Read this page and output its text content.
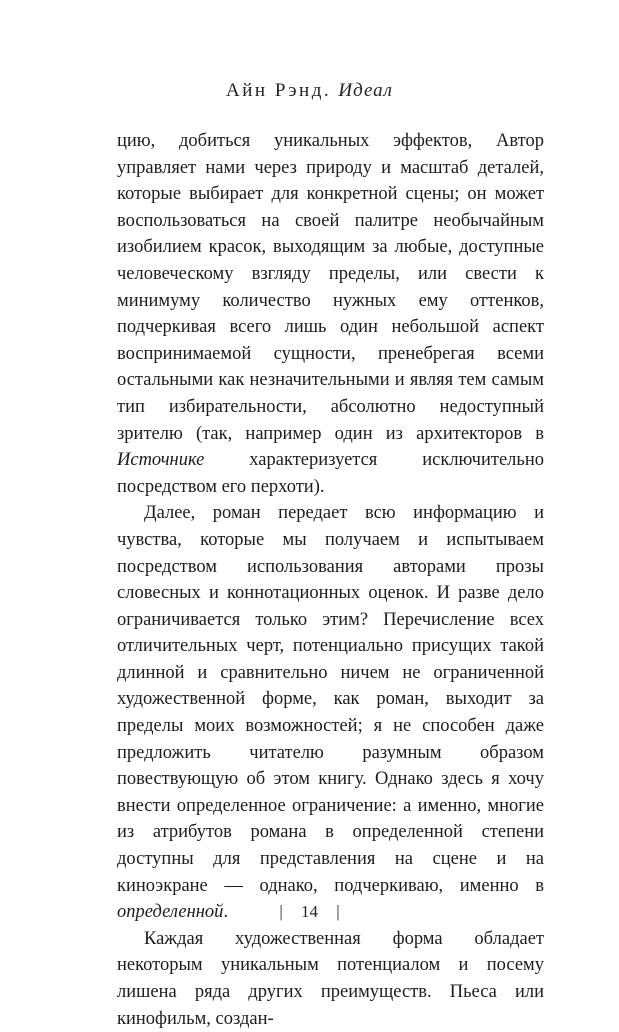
Айн Рэнд. Идеал

цию, добиться уникальных эффектов, Автор управляет нами через природу и масштаб деталей, которые выбирает для конкретной сцены; он может воспользоваться на своей палитре необычайным изобилием красок, выходящим за любые, доступные человеческому взгляду пределы, или свести к минимуму количество нужных ему оттенков, подчеркивая всего лишь один небольшой аспект воспринимаемой сущности, пренебрегая всеми остальными как незначительными и являя тем самым тип избирательности, абсолютно недоступный зрителю (так, например один из архитекторов в Источнике характеризуется исключительно посредством его перхоти).

Далее, роман передает всю информацию и чувства, которые мы получаем и испытываем посредством использования авторами прозы словесных и коннотационных оценок. И разве дело ограничивается только этим? Перечисление всех отличительных черт, потенциально присущих такой длинной и сравнительно ничем не ограниченной художественной форме, как роман, выходит за пределы моих возможностей; я не способен даже предложить читателю разумным образом повествующую об этом книгу. Однако здесь я хочу внести определенное ограничение: а именно, многие из атрибутов романа в определенной степени доступны для представления на сцене и на киноэкране — однако, подчеркиваю, именно в определенной.

Каждая художественная форма обладает некоторым уникальным потенциалом и посему лишена ряда других преимуществ. Пьеса или кинофильм, создан-

| 14 |
